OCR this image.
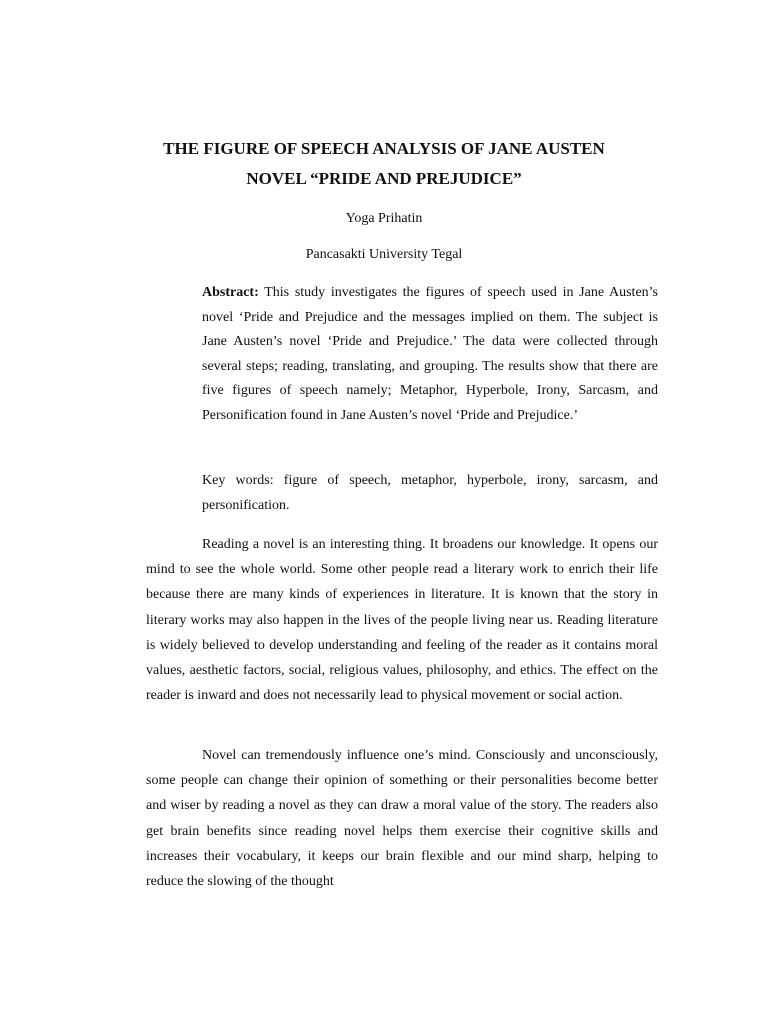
THE FIGURE OF SPEECH ANALYSIS OF JANE AUSTEN
NOVEL “PRIDE AND PREJUDICE”

Yoga Prihatin

Pancasakti University Tegal

Abstract: This study investigates the figures of speech used in Jane Austen’s novel ‘Pride and Prejudice and the messages implied on them. The subject is Jane Austen’s novel ‘Pride and Prejudice.’ The data were collected through several steps; reading, translating, and grouping. The results show that there are five figures of speech namely; Metaphor, Hyperbole, Irony, Sarcasm, and Personification found in Jane Austen’s novel ‘Pride and Prejudice.’

Key words: figure of speech, metaphor, hyperbole, irony, sarcasm, and personification.

Reading a novel is an interesting thing. It broadens our knowledge. It opens our mind to see the whole world. Some other people read a literary work to enrich their life because there are many kinds of experiences in literature. It is known that the story in literary works may also happen in the lives of the people living near us. Reading literature is widely believed to develop understanding and feeling of the reader as it contains moral values, aesthetic factors, social, religious values, philosophy, and ethics. The effect on the reader is inward and does not necessarily lead to physical movement or social action.

Novel can tremendously influence one’s mind. Consciously and unconsciously, some people can change their opinion of something or their personalities become better and wiser by reading a novel as they can draw a moral value of the story. The readers also get brain benefits since reading novel helps them exercise their cognitive skills and increases their vocabulary, it keeps our brain flexible and our mind sharp, helping to reduce the slowing of the thought
